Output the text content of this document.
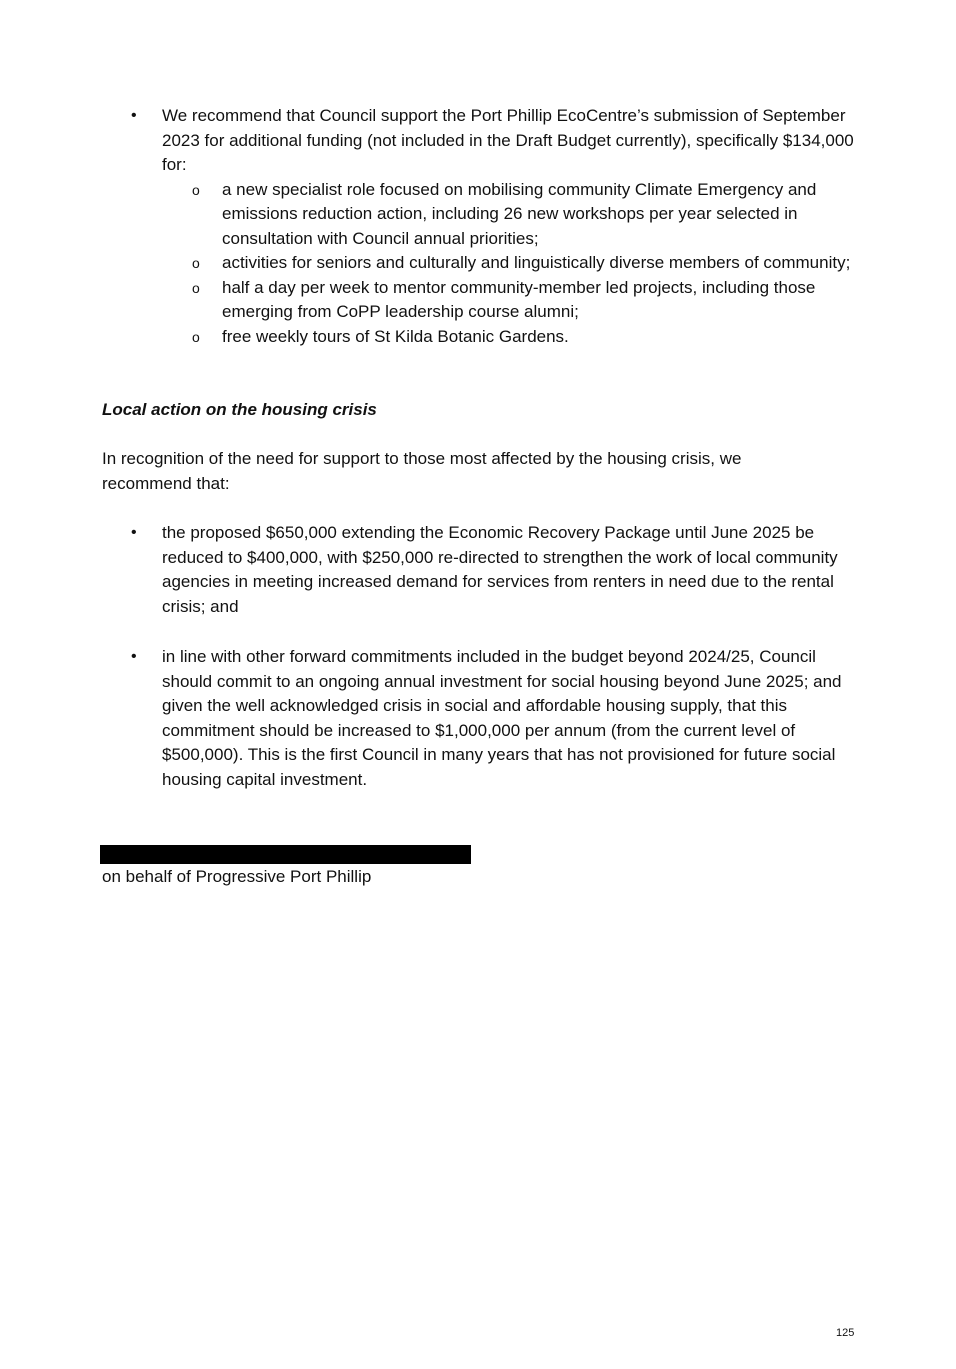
• We recommend that Council support the Port Phillip EcoCentre’s submission of September 2023 for additional funding (not included in the Draft Budget currently), specifically $134,000 for:
o a new specialist role focused on mobilising community Climate Emergency and emissions reduction action, including 26 new workshops per year selected in consultation with Council annual priorities;
o activities for seniors and culturally and linguistically diverse members of community;
o half a day per week to mentor community-member led projects, including those emerging from CoPP leadership course alumni;
o free weekly tours of St Kilda Botanic Gardens.
Local action on the housing crisis
In recognition of the need for support to those most affected by the housing crisis, we recommend that:
• the proposed $650,000 extending the Economic Recovery Package until June 2025 be reduced to $400,000, with $250,000 re-directed to strengthen the work of local community agencies in meeting increased demand for services from renters in need due to the rental crisis; and
• in line with other forward commitments included in the budget beyond 2024/25, Council should commit to an ongoing annual investment for social housing beyond June 2025; and given the well acknowledged crisis in social and affordable housing supply, that this commitment should be increased to $1,000,000 per annum (from the current level of $500,000). This is the first Council in many years that has not provisioned for future social housing capital investment.
on behalf of Progressive Port Phillip
125
